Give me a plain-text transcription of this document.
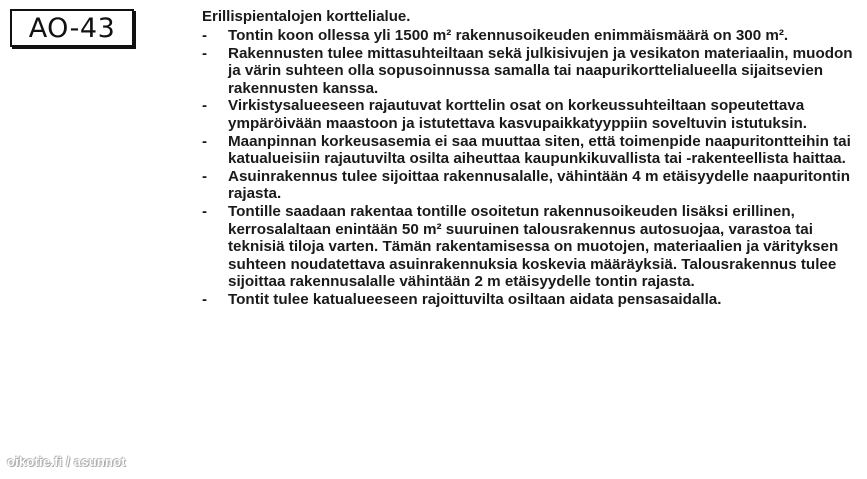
AO-43	Erillispientalojen korttelialue.
-	Tontin koon ollessa yli 1500 m² rakennusoikeuden enimmäismäärä on 300 m².
-	Rakennusten tulee mittasuhteiltaan sekä julkisivujen ja vesikaton materiaalin, muodon ja värin suhteen olla sopusoinnussa samalla tai naapurikorttelialueella sijaitsevien rakennusten kanssa.
-	Virkistysalueeseen rajautuvat korttelin osat on korkeussuhteiltaan sopeutettava ympäröivään maastoon ja istutettava kasvupaikkatyyppiin soveltuvin istutuksin.
-	Maanpinnan korkeusasemia ei saa muuttaa siten, että toimenpide naapuritontteihin tai katualueisiin rajautuvilta osilta aiheuttaa kaupunkikuvallista tai -rakenteellista haittaa.
-	Asuinrakennus tulee sijoittaa rakennusalalle, vähintään 4 m etäisyydelle naapuritontin rajasta.
-	Tontille saadaan rakentaa tontille osoitetun rakennusoikeuden lisäksi erillinen, kerrosalaltaan enintään 50 m² suuruinen talousrakennus autosuojaa, varastoa tai teknisiä tiloja varten. Tämän rakentamisessa on muotojen, materiaalien ja värityksen suhteen noudatettava asuinrakennuksia koskevia määräyksiä. Talousrakennus tulee sijoittaa rakennusalalle vähintään 2 m etäisyydelle tontin rajasta.
-	Tontit tulee katualueeseen rajoittuvilta osiltaan aidata pensasaidalla.
oikotie.fi / asunnot
